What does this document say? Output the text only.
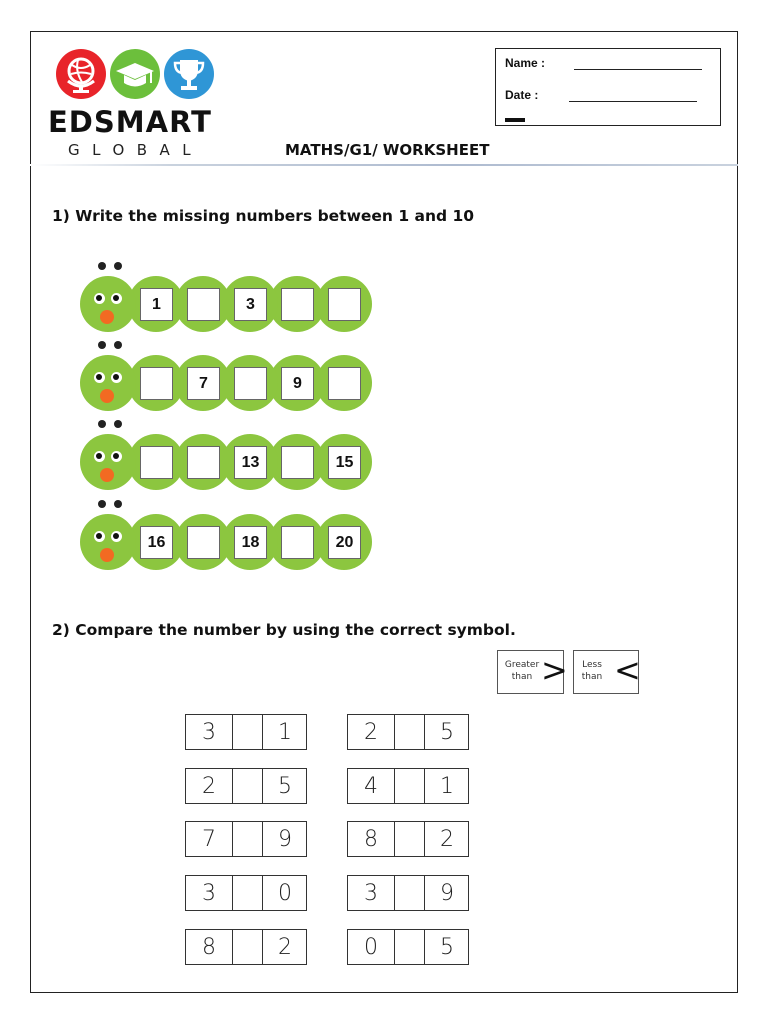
EDSMART
GLOBAL	MATHS/G1/ WORKSHEET
Name :
Date :
1) Write the missing numbers between 1 and 10
1	3
7	9
13	15
16	18	20
2) Compare the number by using the correct symbol.
Greater
than >	Less
than <
3	1
2	5
7	9
3	0
8	2
2	5
4	1
8	2
3	9
0	5
